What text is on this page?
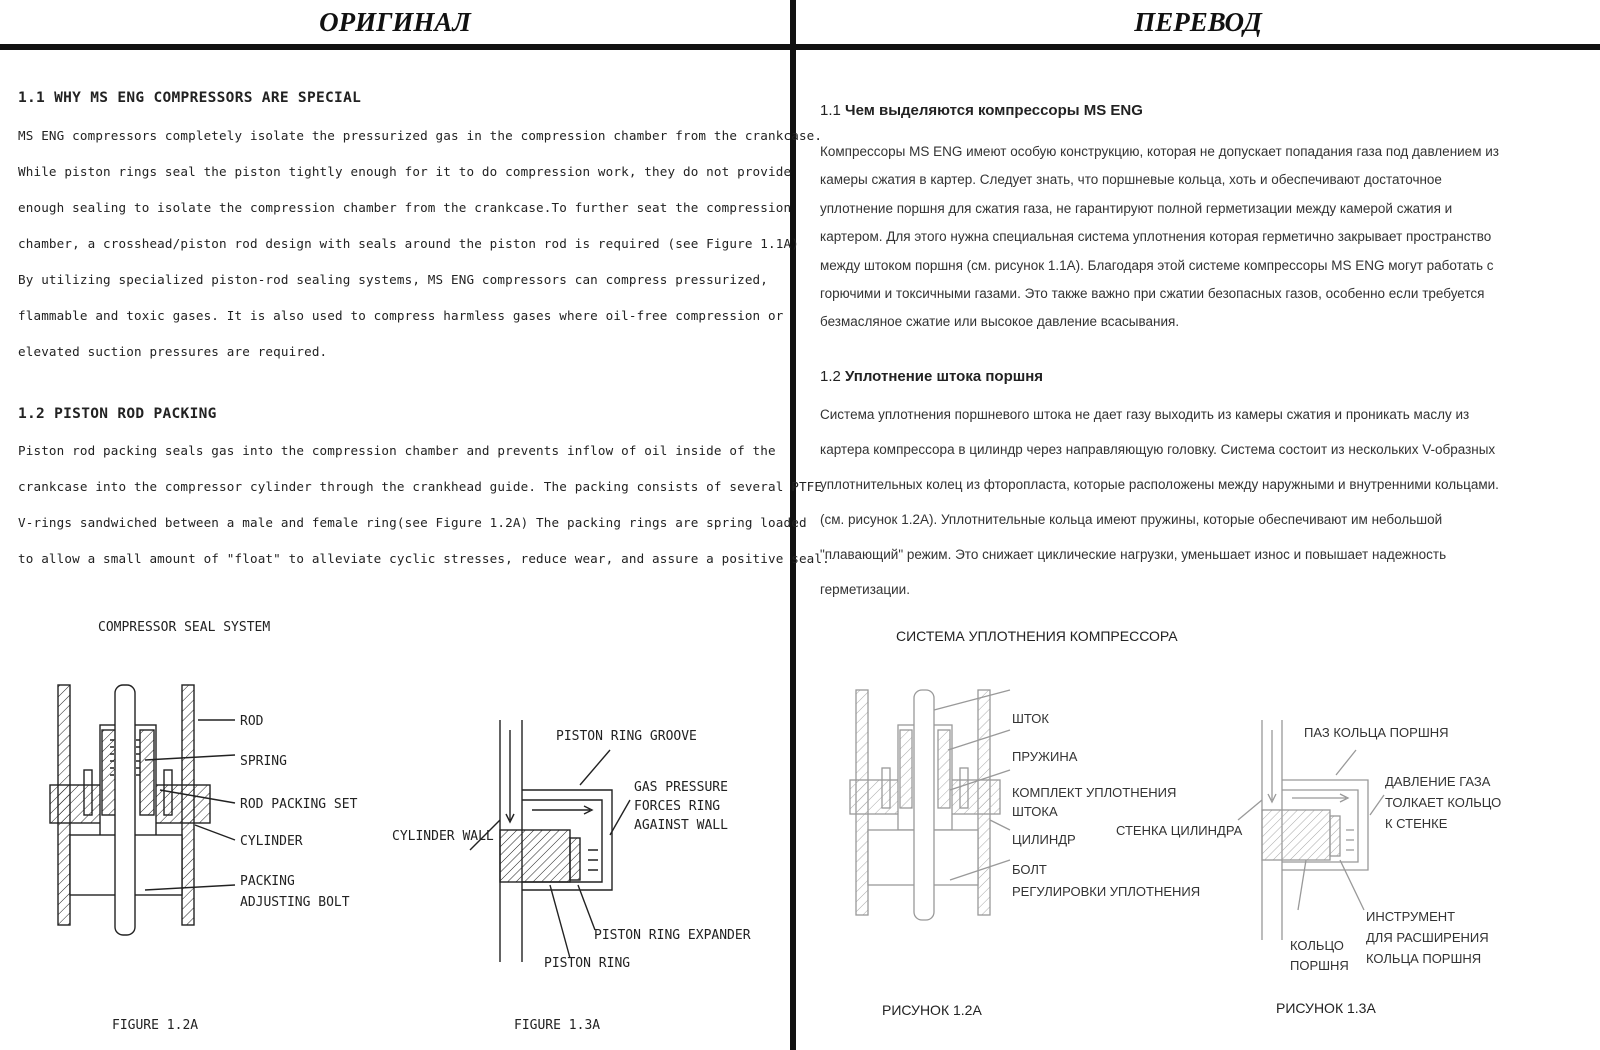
ОРИГИНАЛ	ПЕРЕВОД
1.1 WHY MS ENG COMPRESSORS ARE SPECIAL
MS ENG compressors completely isolate the pressurized gas in the compression chamber from the crankcase.
While piston rings seal the piston tightly enough for it to do compression work, they do not provide
enough sealing to isolate the compression chamber from the crankcase.To further seat the compression
chamber, a crosshead/piston rod design with seals around the piston rod is required (see Figure 1.1A)
By utilizing specialized piston-rod sealing systems, MS ENG compressors can compress pressurized,
flammable and toxic gases. It is also used to compress harmless gases where oil-free compression or
elevated suction pressures are required.
1.2 PISTON ROD PACKING
Piston rod packing seals gas into the compression chamber and prevents inflow of oil inside of the
crankcase into the compressor cylinder through the crankhead guide. The packing consists of several PTFE
V-rings sandwiched between a male and female ring(see Figure 1.2A) The packing rings are spring loaded
to allow a small amount of "float" to alleviate cyclic stresses, reduce wear, and assure a positive seal.
COMPRESSOR SEAL SYSTEM
ROD
SPRING
ROD PACKING SET
CYLINDER
PACKING
ADJUSTING BOLT
FIGURE 1.2A
PISTON RING GROOVE
GAS PRESSURE
FORCES RING
AGAINST WALL
CYLINDER WALL
PISTON RING EXPANDER
PISTON RING
FIGURE 1.3A
1.1 Чем выделяются компрессоры MS ENG
Компрессоры MS ENG имеют особую конструкцию, которая не допускает попадания газа под давлением из
камеры сжатия в картер. Следует знать, что поршневые кольца, хоть и обеспечивают достаточное
уплотнение поршня для сжатия газа, не гарантируют полной герметизации между камерой сжатия и
картером. Для этого нужна специальная система уплотнения которая герметично закрывает пространство
между штоком поршня (см. рисунок 1.1A). Благодаря этой системе компрессоры MS ENG могут работать с
горючими и токсичными газами. Это также важно при сжатии безопасных газов, особенно если требуется
безмасляное сжатие или высокое давление всасывания.
1.2 Уплотнение штока поршня
Система уплотнения поршневого штока не дает газу выходить из камеры сжатия и проникать маслу из
картера компрессора в цилиндр через направляющую головку. Система состоит из нескольких V-образных
уплотнительных колец из фторопласта, которые расположены между наружными и внутренними кольцами.
(см. рисунок 1.2A). Уплотнительные кольца имеют пружины, которые обеспечивают им небольшой
"плавающий" режим. Это снижает циклические нагрузки, уменьшает износ и повышает надежность
герметизации.
СИСТЕМА УПЛОТНЕНИЯ КОМПРЕССОРА
ШТОК
ПРУЖИНА
КОМПЛЕКТ УПЛОТНЕНИЯ
ШТОКА
ЦИЛИНДР
БОЛТ
РЕГУЛИРОВКИ УПЛОТНЕНИЯ
РИСУНОК 1.2А
ПАЗ КОЛЬЦА ПОРШНЯ
ДАВЛЕНИЕ ГАЗА
ТОЛКАЕТ КОЛЬЦО
К СТЕНКЕ
СТЕНКА ЦИЛИНДРА
ИНСТРУМЕНТ
ДЛЯ РАСШИРЕНИЯ
КОЛЬЦА ПОРШНЯ
КОЛЬЦО
ПОРШНЯ
РИСУНОК 1.3А
